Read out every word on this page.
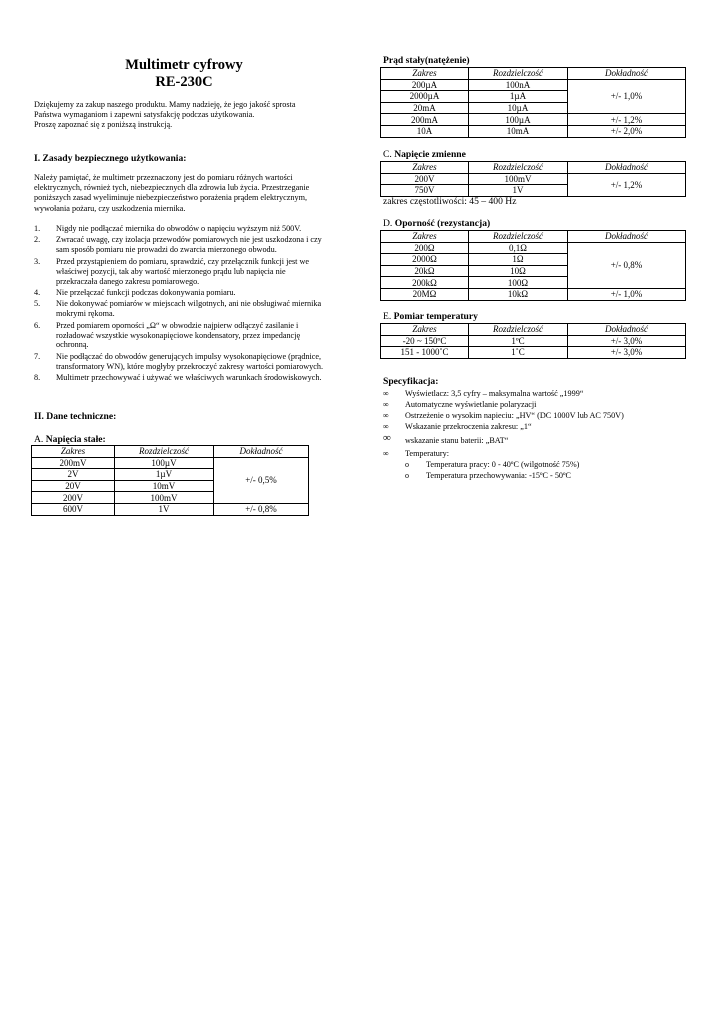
Multimetr cyfrowy
RE-230C
Dziękujemy za zakup naszego produktu. Mamy nadzieję, że jego jakość sprosta
Państwa wymaganiom i zapewni satysfakcję podczas użytkowania.
Proszę zapoznać się z poniższą instrukcją.
I. Zasady bezpiecznego użytkowania:
Należy pamiętać, że multimetr przeznaczony jest do pomiaru różnych wartości
elektrycznych, również tych, niebezpiecznych dla zdrowia lub życia. Przestrzeganie
poniższych zasad wyeliminuje niebezpieczeństwo porażenia prądem elektrycznym,
wywołania pożaru, czy uszkodzenia miernika.
1. Nigdy nie podłączać miernika do obwodów o napięciu wyższym niż 500V.
2. Zwracać uwagę, czy izolacja przewodów pomiarowych nie jest uszkodzona i czy sam sposób pomiaru nie prowadzi do zwarcia mierzonego obwodu.
3. Przed przystąpieniem do pomiaru, sprawdzić, czy przełącznik funkcji jest we właściwej pozycji, tak aby wartość mierzonego prądu lub napięcia nie przekraczała danego zakresu pomiarowego.
4. Nie przełączać funkcji podczas dokonywania pomiaru.
5. Nie dokonywać pomiarów w miejscach wilgotnych, ani nie obsługiwać miernika mokrymi rękoma.
6. Przed pomiarem oporności „Ω“ w obwodzie najpierw odłączyć zasilanie i rozładować wszystkie wysokonapięciowe kondensatory, przez impedancję ochronną.
7. Nie podłączać do obwodów generujących impulsy wysokonapięciowe (prądnice, transformatory WN), które mogłyby przekroczyć zakresy wartości pomiarowych.
8. Multimetr przechowywać i używać we właściwych warunkach środowiskowych.
II. Dane techniczne:
A. Napięcia stałe:
Zakres	Rozdzielczość	Dokładność
200mV	100µV	+/- 0,5%
2V	1µV	
20V	10mV	
200V	100mV	
600V	1V	+/- 0,8%
Prąd stały(natężenie)
Zakres	Rozdzielczość	Dokładność
200µA	100nA	+/- 1,0%
2000µA	1µA	
20mA	10µA	
200mA	100µA	+/- 1,2%
10A	10mA	+/- 2,0%
C. Napięcie zmienne
Zakres	Rozdzielczość	Dokładność
200V	100mV	+/- 1,2%
750V	1V	
zakres częstotliwości: 45 – 400 Hz
D. Oporność (rezystancja)
Zakres	Rozdzielczość	Dokładność
200Ω	0,1Ω	+/- 0,8%
2000Ω	1Ω	
20kΩ	10Ω	
200kΩ	100Ω	
20MΩ	10kΩ	+/- 1,0%
E. Pomiar temperatury
Zakres	Rozdzielczość	Dokładność
-20 ~ 150ºC	1ºC	+/- 3,0%
151 - 1000˚C	1˚C	+/- 3,0%
Specyfikacja:
∞ Wyświetlacz: 3,5 cyfry – maksymalna wartość „1999“
∞ Automatyczne wyświetlanie polaryzacji
∞ Ostrzeżenie o wysokim napieciu: „HV“ (DC 1000V lub AC 750V)
∞ Wskazanie przekroczenia zakresu: „1“
∞ wskazanie stanu baterii: „BAT“
∞ Temperatury:
o Temperatura pracy: 0 - 40ºC (wilgotność 75%)
o Temperatura przechowywania: -15ºC - 50ºC
